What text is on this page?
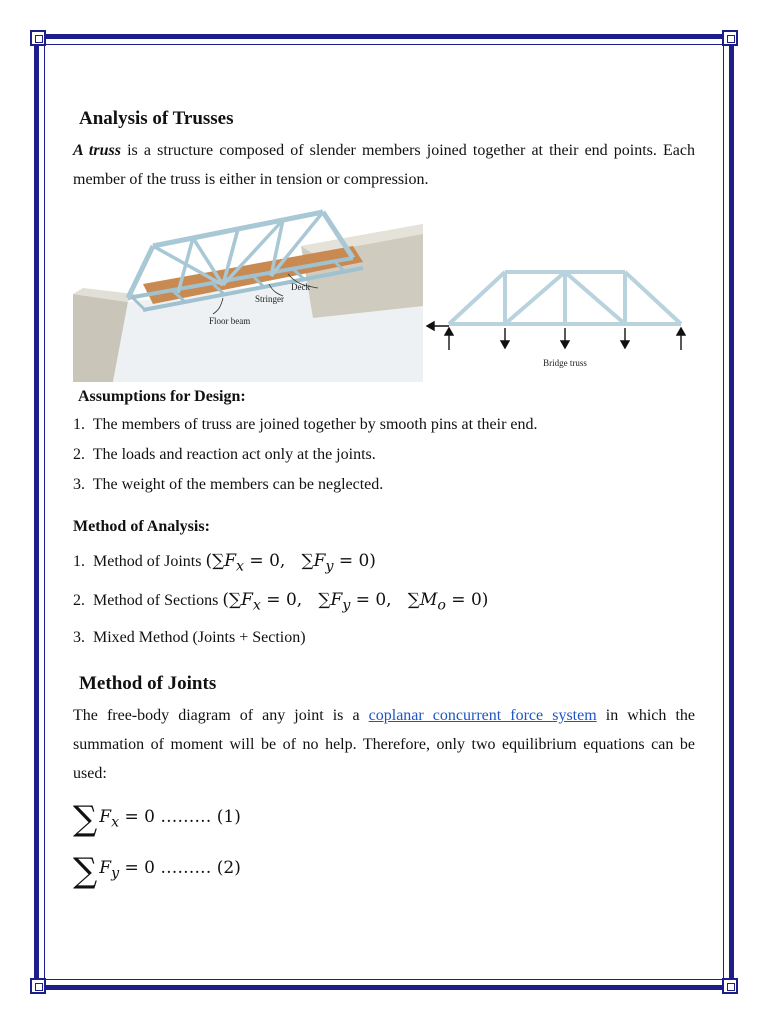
Analysis of Trusses

A truss is a structure composed of slender members joined together at their end points. Each member of the truss is either in tension or compression.

Deck
Stringer
Floor beam
Bridge truss

Assumptions for Design:

1.  The members of truss are joined together by smooth pins at their end.
2.  The loads and reaction act only at the joints.
3.  The weight of the members can be neglected.

Method of Analysis:

1.  Method of Joints ($\sum F_x = 0$,   $\sum F_y = 0$)
2.  Method of Sections ($\sum F_x = 0$,   $\sum F_y = 0$,   $\sum M_o = 0$)
3.  Mixed Method (Joints + Section)
Method of Joints

The free-body diagram of any joint is a coplanar concurrent force system in which the summation of moment will be of no help. Therefore, only two equilibrium equations can be used:

∑ $F_x = 0$ ……… (1)
∑ $F_y = 0$ ……… (2)
